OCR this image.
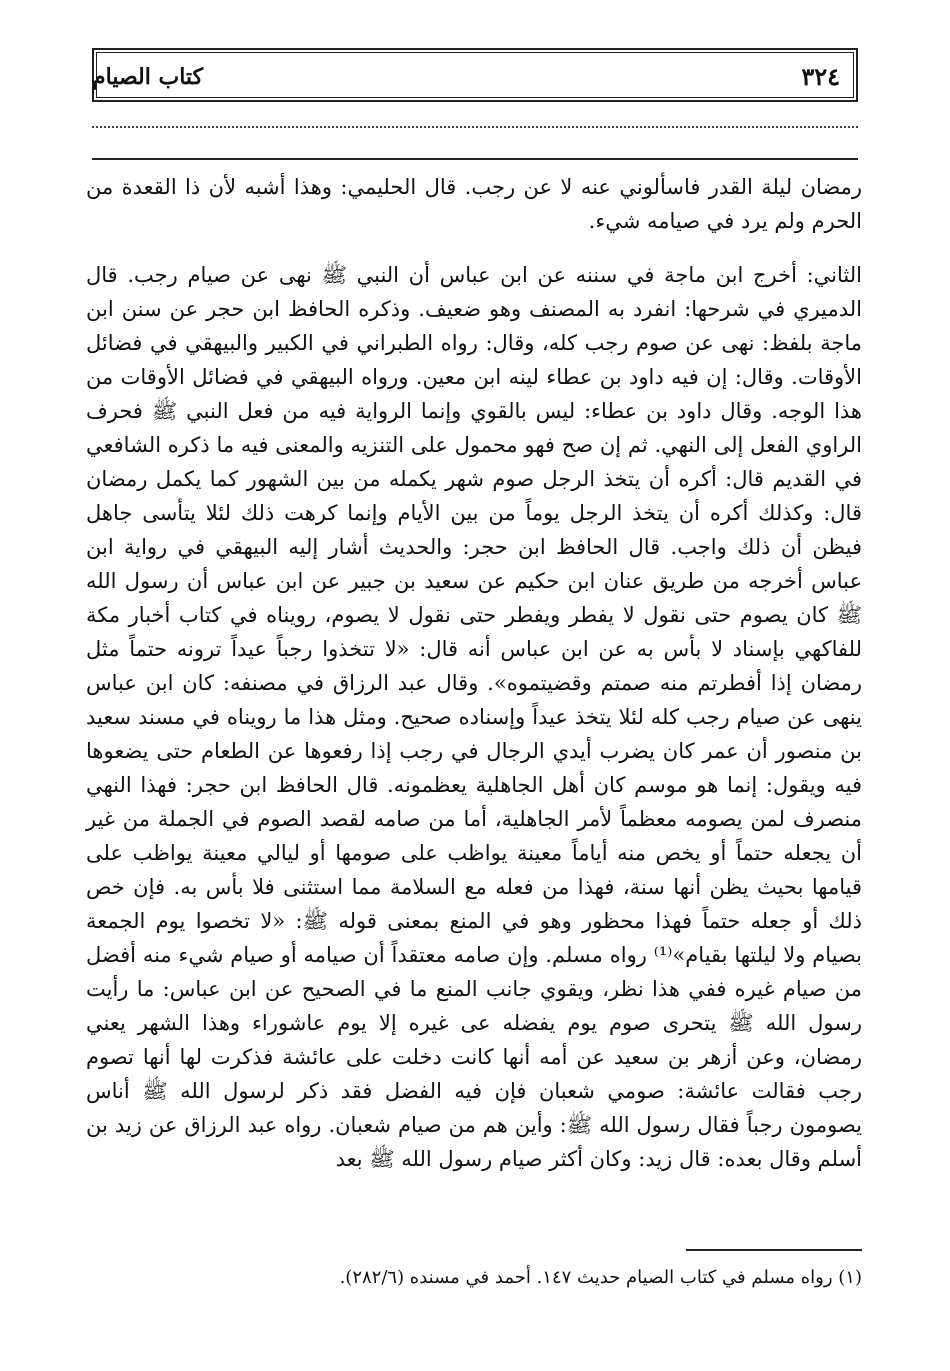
كتاب الصيام	٣٢٤

رمضان ليلة القدر فاسألوني عنه لا عن رجب. قال الحليمي: وهذا أشبه لأن ذا القعدة من الحرم ولم يرد في صيامه شيء.

الثاني: أخرج ابن ماجة في سننه عن ابن عباس أن النبي ﷺ نهى عن صيام رجب. قال الدميري في شرحها: انفرد به المصنف وهو ضعيف. وذكره الحافظ ابن حجر عن سنن ابن ماجة بلفظ: نهى عن صوم رجب كله، وقال: رواه الطبراني في الكبير والبيهقي في فضائل الأوقات. وقال: إن فيه داود بن عطاء لينه ابن معين. ورواه البيهقي في فضائل الأوقات من هذا الوجه. وقال داود بن عطاء: ليس بالقوي وإنما الرواية فيه من فعل النبي ﷺ فحرف الراوي الفعل إلى النهي. ثم إن صح فهو محمول على التنزيه والمعنى فيه ما ذكره الشافعي في القديم قال: أكره أن يتخذ الرجل صوم شهر يكمله من بين الشهور كما يكمل رمضان قال: وكذلك أكره أن يتخذ الرجل يوماً من بين الأيام وإنما كرهت ذلك لئلا يتأسى جاهل فيظن أن ذلك واجب. قال الحافظ ابن حجر: والحديث أشار إليه البيهقي في رواية ابن عباس أخرجه من طريق عنان ابن حكيم عن سعيد بن جبير عن ابن عباس أن رسول الله ﷺ كان يصوم حتى نقول لا يفطر ويفطر حتى نقول لا يصوم، رويناه في كتاب أخبار مكة للفاكهي بإسناد لا بأس به عن ابن عباس أنه قال: «لا تتخذوا رجباً عيداً ترونه حتماً مثل رمضان إذا أفطرتم منه صمتم وقضيتموه». وقال عبد الرزاق في مصنفه: كان ابن عباس ينهى عن صيام رجب كله لئلا يتخذ عيداً وإسناده صحيح. ومثل هذا ما رويناه في مسند سعيد بن منصور أن عمر كان يضرب أيدي الرجال في رجب إذا رفعوها عن الطعام حتى يضعوها فيه ويقول: إنما هو موسم كان أهل الجاهلية يعظمونه. قال الحافظ ابن حجر: فهذا النهي منصرف لمن يصومه معظماً لأمر الجاهلية، أما من صامه لقصد الصوم في الجملة من غير أن يجعله حتماً أو يخص منه أياماً معينة يواظب على صومها أو ليالي معينة يواظب على قيامها بحيث يظن أنها سنة، فهذا من فعله مع السلامة مما استثنى فلا بأس به. فإن خص ذلك أو جعله حتماً فهذا محظور وهو في المنع بمعنى قوله ﷺ: «لا تخصوا يوم الجمعة بصيام ولا ليلتها بقيام»⁽¹⁾ رواه مسلم. وإن صامه معتقداً أن صيامه أو صيام شيء منه أفضل من صيام غيره ففي هذا نظر، ويقوي جانب المنع ما في الصحيح عن ابن عباس: ما رأيت رسول الله ﷺ يتحرى صوم يوم يفضله عى غيره إلا يوم عاشوراء وهذا الشهر يعني رمضان، وعن أزهر بن سعيد عن أمه أنها كانت دخلت على عائشة فذكرت لها أنها تصوم رجب فقالت عائشة: صومي شعبان فإن فيه الفضل فقد ذكر لرسول الله ﷺ أناس يصومون رجباً فقال رسول الله ﷺ: وأين هم من صيام شعبان. رواه عبد الرزاق عن زيد بن أسلم وقال بعده: قال زيد: وكان أكثر صيام رسول الله ﷺ بعد

(١) رواه مسلم في كتاب الصيام حديث ١٤٧. أحمد في مسنده (٢٨٢/٦).
